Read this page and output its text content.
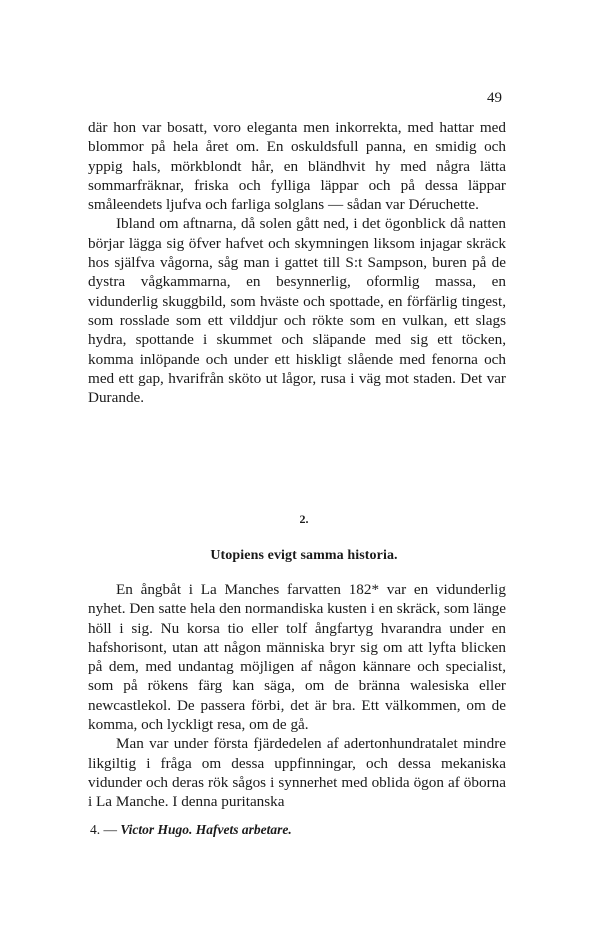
49

där hon var bosatt, voro eleganta men inkorrekta, med hattar med blommor på hela året om. En oskuldsfull panna, en smidig och yppig hals, mörkblondt hår, en bländhvit hy med några lätta sommarfräknar, friska och fylliga läppar och på dessa läppar småleendets ljufva och farliga solglans — sådan var Déruchette.

Ibland om aftnarna, då solen gått ned, i det ögonblick då natten börjar lägga sig öfver hafvet och skymningen liksom injagar skräck hos själfva vågorna, såg man i gattet till S:t Sampson, buren på de dystra vågkammarna, en besynnerlig, oformlig massa, en vidunderlig skuggbild, som hväste och spottade, en förfärlig tingest, som rosslade som ett vilddjur och rökte som en vulkan, ett slags hydra, spottande i skummet och släpande med sig ett töcken, komma inlöpande och under ett hiskligt slående med fenorna och med ett gap, hvarifrån sköto ut lågor, rusa i väg mot staden. Det var Durande.

2.
Utopiens evigt samma historia.

En ångbåt i La Manches farvatten 182* var en vidunderlig nyhet. Den satte hela den normandiska kusten i en skräck, som länge höll i sig. Nu korsa tio eller tolf ångfartyg hvarandra under en hafshorisont, utan att någon människa bryr sig om att lyfta blicken på dem, med undantag möjligen af någon kännare och specialist, som på rökens färg kan säga, om de bränna walesiska eller newcastlekol. De passera förbi, det är bra. Ett välkommen, om de komma, och lyckligt resa, om de gå.

Man var under första fjärdedelen af adertonhundratalet mindre likgiltig i fråga om dessa uppfinningar, och dessa mekaniska vidunder och deras rök sågos i synnerhet med oblida ögon af öborna i La Manche. I denna puritanska

4. — Victor Hugo. Hafvets arbetare.
